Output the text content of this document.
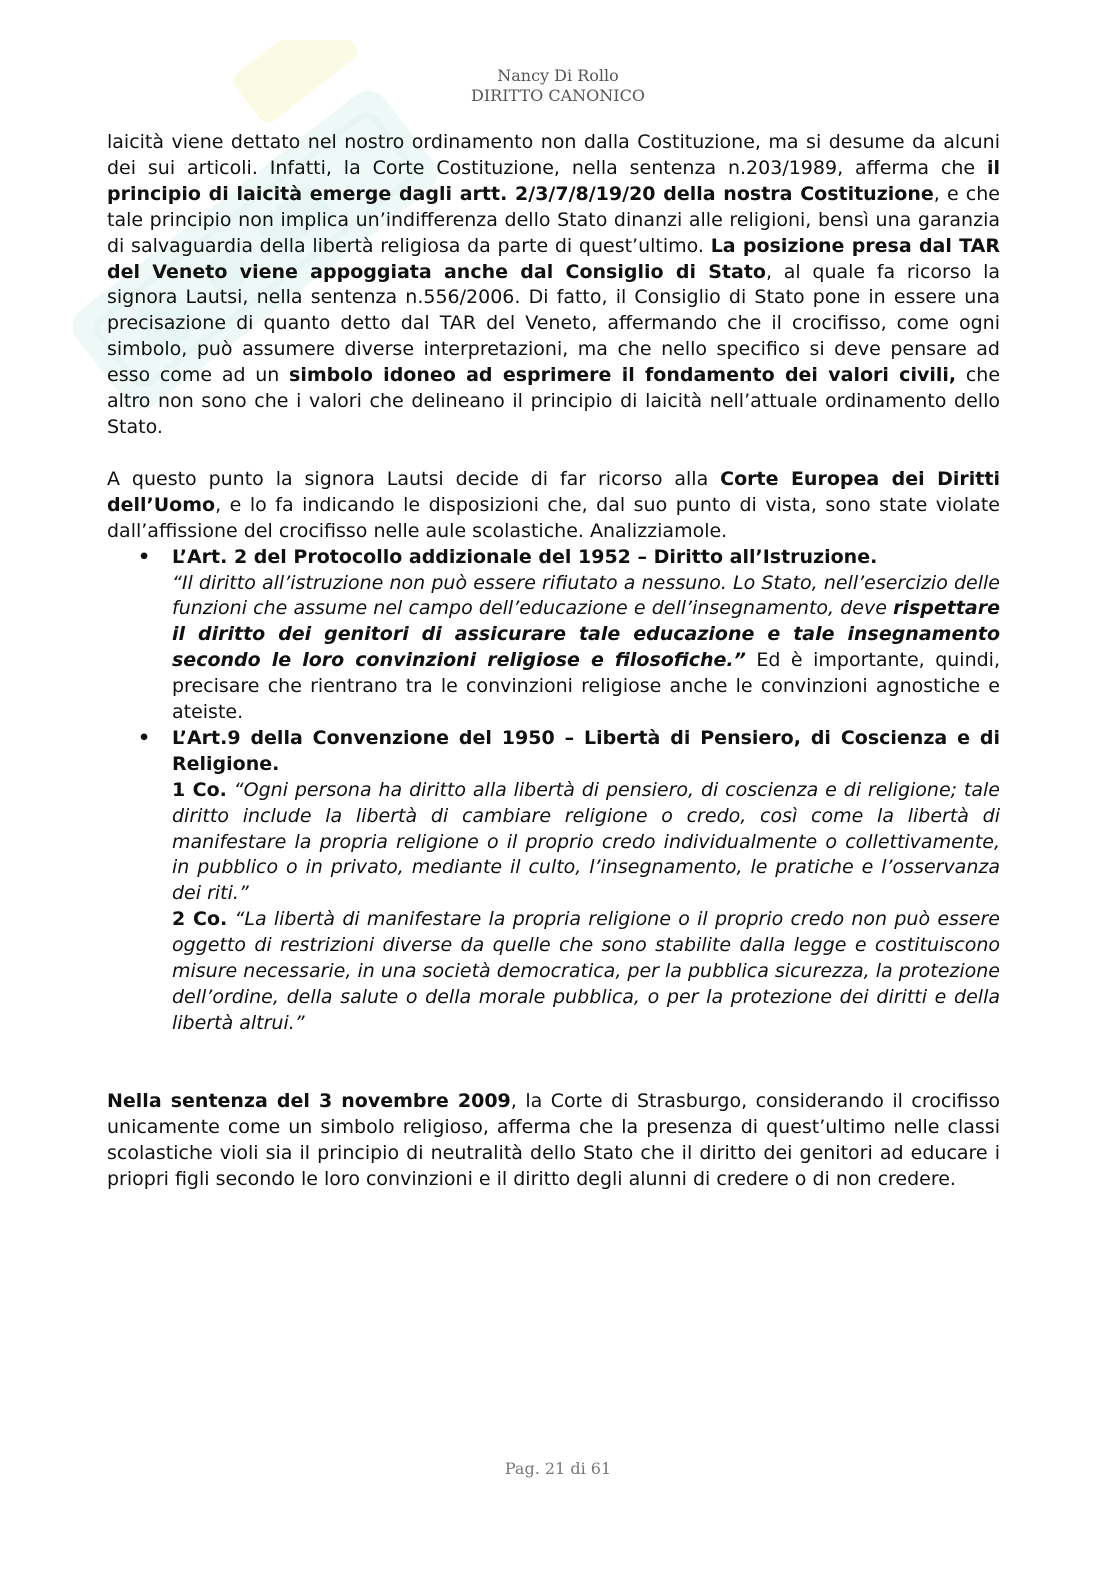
Nancy Di Rollo
DIRITTO CANONICO

laicità viene dettato nel nostro ordinamento non dalla Costituzione, ma si desume da alcuni dei sui articoli. Infatti, la Corte Costituzione, nella sentenza n.203/1989, afferma che il principio di laicità emerge dagli artt. 2/3/7/8/19/20 della nostra Costituzione, e che tale principio non implica un’indifferenza dello Stato dinanzi alle religioni, bensì una garanzia di salvaguardia della libertà religiosa da parte di quest’ultimo. La posizione presa dal TAR del Veneto viene appoggiata anche dal Consiglio di Stato, al quale fa ricorso la signora Lautsi, nella sentenza n.556/2006. Di fatto, il Consiglio di Stato pone in essere una precisazione di quanto detto dal TAR del Veneto, affermando che il crocifisso, come ogni simbolo, può assumere diverse interpretazioni, ma che nello specifico si deve pensare ad esso come ad un simbolo idoneo ad esprimere il fondamento dei valori civili, che altro non sono che i valori che delineano il principio di laicità nell’attuale ordinamento dello Stato.

A questo punto la signora Lautsi decide di far ricorso alla Corte Europea dei Diritti dell’Uomo, e lo fa indicando le disposizioni che, dal suo punto di vista, sono state violate dall’affissione del crocifisso nelle aule scolastiche. Analizziamole.

• L’Art. 2 del Protocollo addizionale del 1952 – Diritto all’Istruzione.
“Il diritto all’istruzione non può essere rifiutato a nessuno. Lo Stato, nell’esercizio delle funzioni che assume nel campo dell’educazione e dell’insegnamento, deve rispettare il diritto dei genitori di assicurare tale educazione e tale insegnamento secondo le loro convinzioni religiose e filosofiche.” Ed è importante, quindi, precisare che rientrano tra le convinzioni religiose anche le convinzioni agnostiche e ateiste.
• L’Art.9 della Convenzione del 1950 – Libertà di Pensiero, di Coscienza e di Religione.
1 Co. “Ogni persona ha diritto alla libertà di pensiero, di coscienza e di religione; tale diritto include la libertà di cambiare religione o credo, così come la libertà di manifestare la propria religione o il proprio credo individualmente o collettivamente, in pubblico o in privato, mediante il culto, l’insegnamento, le pratiche e l’osservanza dei riti.”
2 Co. “La libertà di manifestare la propria religione o il proprio credo non può essere oggetto di restrizioni diverse da quelle che sono stabilite dalla legge e costituiscono misure necessarie, in una società democratica, per la pubblica sicurezza, la protezione dell’ordine, della salute o della morale pubblica, o per la protezione dei diritti e della libertà altrui.”

Nella sentenza del 3 novembre 2009, la Corte di Strasburgo, considerando il crocifisso unicamente come un simbolo religioso, afferma che la presenza di quest’ultimo nelle classi scolastiche violi sia il principio di neutralità dello Stato che il diritto dei genitori ad educare i priopri figli secondo le loro convinzioni e il diritto degli alunni di credere o di non credere.

Pag. 21 di 61
